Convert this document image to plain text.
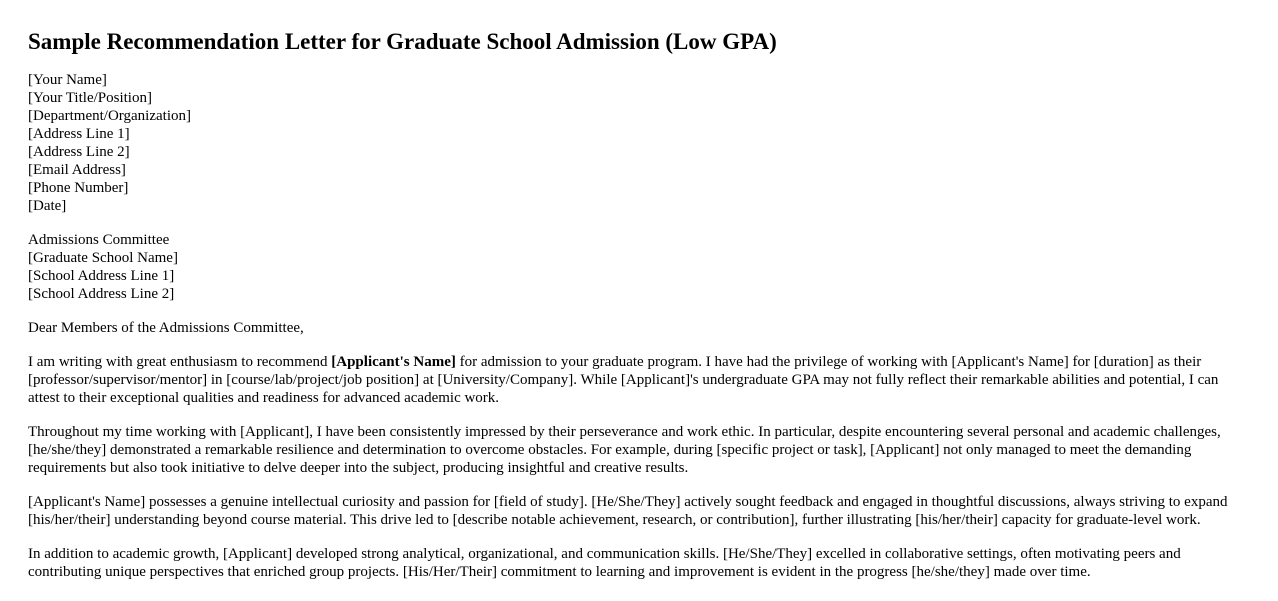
Sample Recommendation Letter for Graduate School Admission (Low GPA)
[Your Name]
[Your Title/Position]
[Department/Organization]
[Address Line 1]
[Address Line 2]
[Email Address]
[Phone Number]
[Date]
Admissions Committee
[Graduate School Name]
[School Address Line 1]
[School Address Line 2]

Dear Members of the Admissions Committee,

I am writing with great enthusiasm to recommend [Applicant's Name] for admission to your graduate program. I have had the privilege of working with [Applicant's Name] for [duration] as their [professor/supervisor/mentor] in [course/lab/project/job position] at [University/Company]. While [Applicant]'s undergraduate GPA may not fully reflect their remarkable abilities and potential, I can attest to their exceptional qualities and readiness for advanced academic work.

Throughout my time working with [Applicant], I have been consistently impressed by their perseverance and work ethic. In particular, despite encountering several personal and academic challenges, [he/she/they] demonstrated a remarkable resilience and determination to overcome obstacles. For example, during [specific project or task], [Applicant] not only managed to meet the demanding requirements but also took initiative to delve deeper into the subject, producing insightful and creative results.

[Applicant's Name] possesses a genuine intellectual curiosity and passion for [field of study]. [He/She/They] actively sought feedback and engaged in thoughtful discussions, always striving to expand [his/her/their] understanding beyond course material. This drive led to [describe notable achievement, research, or contribution], further illustrating [his/her/their] capacity for graduate-level work.

In addition to academic growth, [Applicant] developed strong analytical, organizational, and communication skills. [He/She/They] excelled in collaborative settings, often motivating peers and contributing unique perspectives that enriched group projects. [His/Her/Their] commitment to learning and improvement is evident in the progress [he/she/they] made over time.
